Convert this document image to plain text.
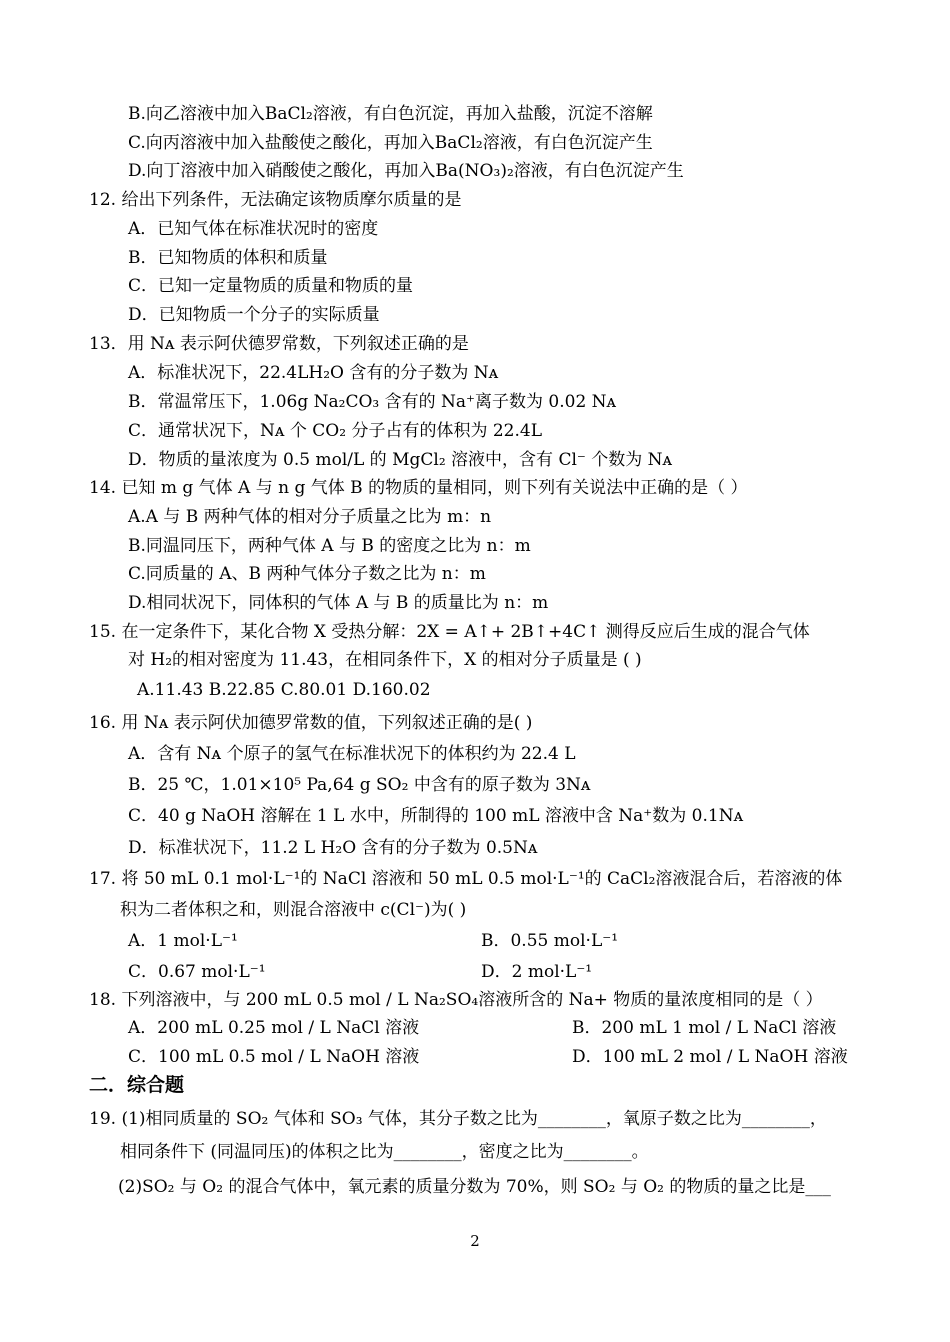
B.向乙溶液中加入BaCl₂溶液，有白色沉淀，再加入盐酸，沉淀不溶解
C.向丙溶液中加入盐酸使之酸化，再加入BaCl₂溶液，有白色沉淀产生
D.向丁溶液中加入硝酸使之酸化，再加入Ba(NO₃)₂溶液，有白色沉淀产生
12. 给出下列条件，无法确定该物质摩尔质量的是
A．已知气体在标准状况时的密度
B．已知物质的体积和质量
C．已知一定量物质的质量和物质的量
D．已知物质一个分子的实际质量
13．用 Nᴀ 表示阿伏德罗常数，下列叙述正确的是
A．标准状况下，22.4LH₂O 含有的分子数为 Nᴀ
B．常温常压下，1.06g Na₂CO₃ 含有的 Na⁺离子数为 0.02 Nᴀ
C．通常状况下，Nᴀ 个 CO₂ 分子占有的体积为 22.4L
D．物质的量浓度为 0.5 mol/L 的 MgCl₂ 溶液中，含有 Cl⁻ 个数为 Nᴀ
14. 已知 m g 气体 A 与 n g 气体 B 的物质的量相同，则下列有关说法中正确的是（ ）
A.A 与 B 两种气体的相对分子质量之比为 m：n
B.同温同压下，两种气体 A 与 B 的密度之比为 n：m
C.同质量的 A、B 两种气体分子数之比为 n：m
D.相同状况下，同体积的气体 A 与 B 的质量比为 n：m
15. 在一定条件下，某化合物 X 受热分解：2X = A↑+ 2B↑+4C↑ 测得反应后生成的混合气体
对 H₂的相对密度为 11.43，在相同条件下，X 的相对分子质量是 ( )
A.11.43 B.22.85 C.80.01 D.160.02
16. 用 Nᴀ 表示阿伏加德罗常数的值，下列叙述正确的是( )
A．含有 Nᴀ 个原子的氢气在标准状况下的体积约为 22.4 L
B．25 ℃，1.01×10⁵ Pa,64 g SO₂ 中含有的原子数为 3Nᴀ
C．40 g NaOH 溶解在 1 L 水中，所制得的 100 mL 溶液中含 Na⁺数为 0.1Nᴀ
D．标准状况下，11.2 L H₂O 含有的分子数为 0.5Nᴀ
17. 将 50 mL 0.1 mol·L⁻¹的 NaCl 溶液和 50 mL 0.5 mol·L⁻¹的 CaCl₂溶液混合后，若溶液的体
积为二者体积之和，则混合溶液中 c(Cl⁻)为( )
A．1 mol·L⁻¹	B．0.55 mol·L⁻¹
C．0.67 mol·L⁻¹	D．2 mol·L⁻¹
18. 下列溶液中，与 200 mL 0.5 mol / L Na₂SO₄溶液所含的 Na+ 物质的量浓度相同的是（ ）
A．200 mL 0.25 mol / L NaCl 溶液	B．200 mL 1 mol / L NaCl 溶液
C．100 mL 0.5 mol / L NaOH 溶液	D．100 mL 2 mol / L NaOH 溶液
二．综合题
19. (1)相同质量的 SO₂ 气体和 SO₃ 气体，其分子数之比为________，氧原子数之比为________，
相同条件下 (同温同压)的体积之比为________，密度之比为________。
(2)SO₂ 与 O₂ 的混合气体中，氧元素的质量分数为 70%，则 SO₂ 与 O₂ 的物质的量之比是___
2
